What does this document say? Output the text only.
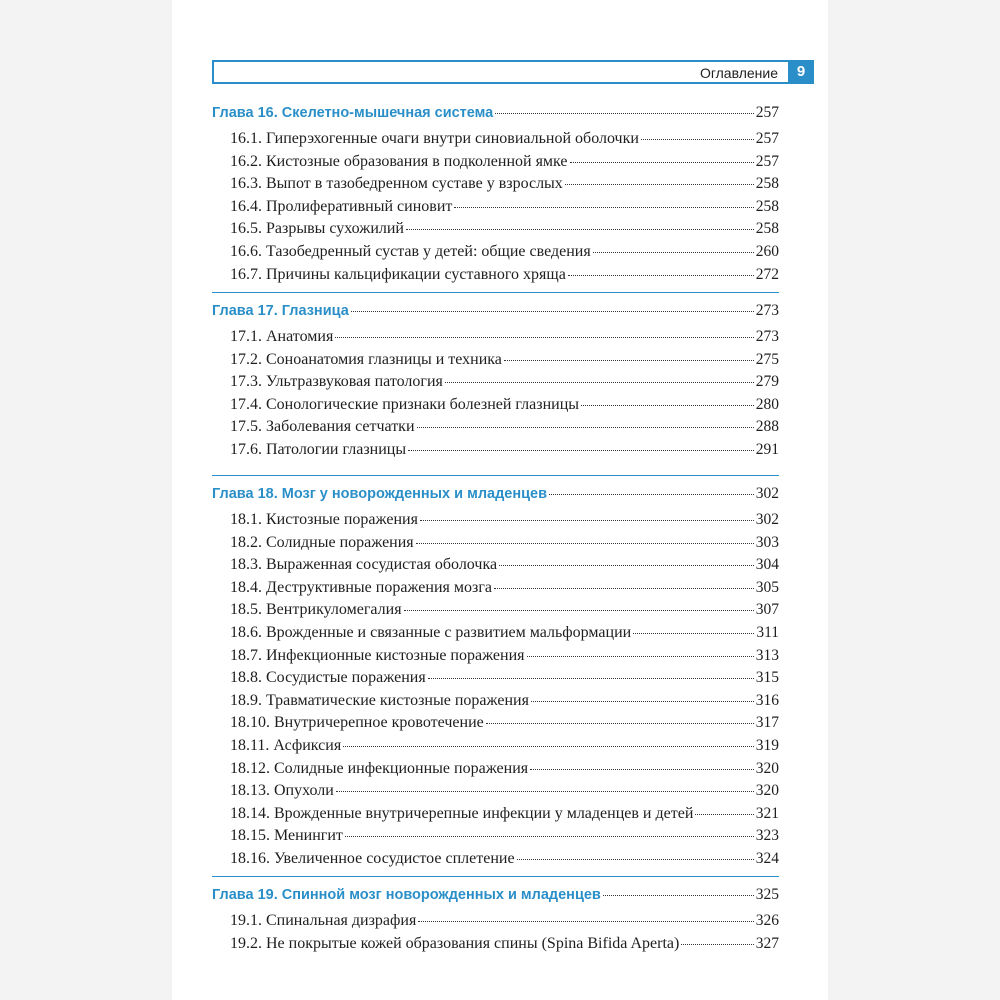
Оглавление	9
Глава 16. Скелетно-мышечная система	257
16.1. Гиперэхогенные очаги внутри синовиальной оболочки	257
16.2. Кистозные образования в подколенной ямке	257
16.3. Выпот в тазобедренном суставе у взрослых	258
16.4. Пролиферативный синовит	258
16.5. Разрывы сухожилий	258
16.6. Тазобедренный сустав у детей: общие сведения	260
16.7. Причины кальцификации суставного хряща	272
Глава 17. Глазница	273
17.1. Анатомия	273
17.2. Соноанатомия глазницы и техника	275
17.3. Ультразвуковая патология	279
17.4. Сонологические признаки болезней глазницы	280
17.5. Заболевания сетчатки	288
17.6. Патологии глазницы	291
Глава 18. Мозг у новорожденных и младенцев	302
18.1. Кистозные поражения	302
18.2. Солидные поражения	303
18.3. Выраженная сосудистая оболочка	304
18.4. Деструктивные поражения мозга	305
18.5. Вентрикуломегалия	307
18.6. Врожденные и связанные с развитием мальформации	311
18.7. Инфекционные кистозные поражения	313
18.8. Сосудистые поражения	315
18.9. Травматические кистозные поражения	316
18.10. Внутричерепное кровотечение	317
18.11. Асфиксия	319
18.12. Солидные инфекционные поражения	320
18.13. Опухоли	320
18.14. Врожденные внутричерепные инфекции у младенцев и детей	321
18.15. Менингит	323
18.16. Увеличенное сосудистое сплетение	324
Глава 19. Спинной мозг новорожденных и младенцев	325
19.1. Спинальная дизрафия	326
19.2. Не покрытые кожей образования спины (Spina Bifida Aperta)	327
